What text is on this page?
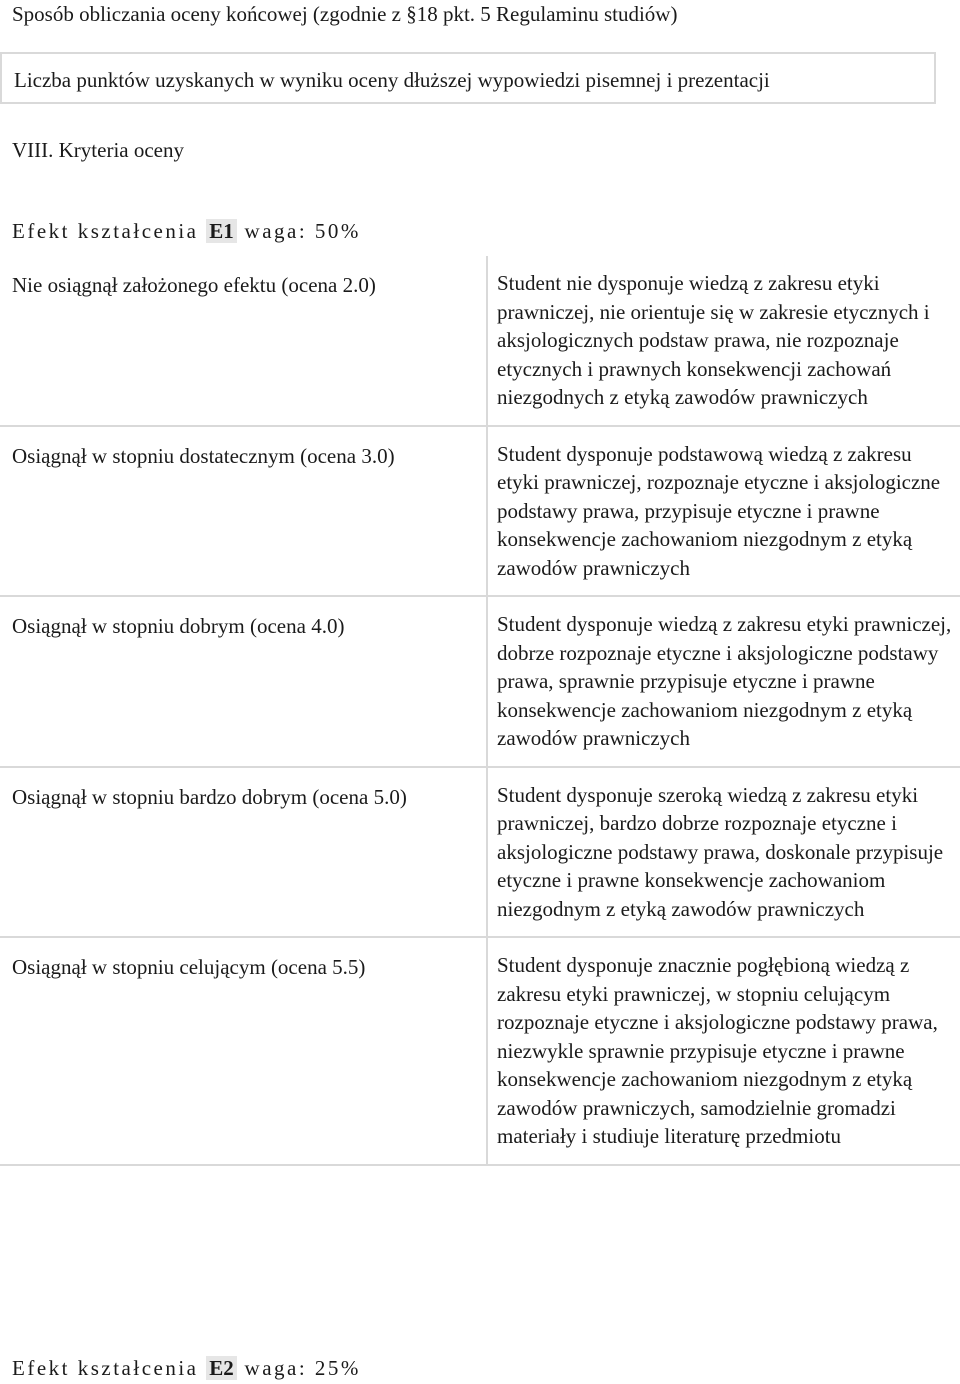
Sposób obliczania oceny końcowej (zgodnie z §18 pkt. 5 Regulaminu studiów)
Liczba punktów uzyskanych w wyniku oceny dłuższej wypowiedzi pisemnej i prezentacji
VIII. Kryteria oceny
Efekt kształcenia E1 waga: 50%
Nie osiągnął założonego efektu (ocena 2.0)	Student nie dysponuje wiedzą z zakresu etyki prawniczej, nie orientuje się w zakresie etycznych i aksjologicznych podstaw prawa, nie rozpoznaje etycznych i prawnych konsekwencji zachowań niezgodnych z etyką zawodów prawniczych
Osiągnął w stopniu dostatecznym (ocena 3.0)	Student dysponuje podstawową wiedzą z zakresu etyki prawniczej, rozpoznaje etyczne i aksjologiczne podstawy prawa, przypisuje etyczne i prawne konsekwencje zachowaniom niezgodnym z etyką zawodów prawniczych
Osiągnął w stopniu dobrym (ocena 4.0)	Student dysponuje wiedzą z zakresu etyki prawniczej, dobrze rozpoznaje etyczne i aksjologiczne podstawy prawa, sprawnie przypisuje etyczne i prawne konsekwencje zachowaniom niezgodnym z etyką zawodów prawniczych
Osiągnął w stopniu bardzo dobrym (ocena 5.0)	Student dysponuje szeroką wiedzą z zakresu etyki prawniczej, bardzo dobrze rozpoznaje etyczne i aksjologiczne podstawy prawa, doskonale przypisuje etyczne i prawne konsekwencje zachowaniom niezgodnym z etyką zawodów prawniczych
Osiągnął w stopniu celującym (ocena 5.5)	Student dysponuje znacznie pogłębioną wiedzą z zakresu etyki prawniczej, w stopniu celującym rozpoznaje etyczne i aksjologiczne podstawy prawa, niezwykle sprawnie przypisuje etyczne i prawne konsekwencje zachowaniom niezgodnym z etyką zawodów prawniczych, samodzielnie gromadzi materiały i studiuje literaturę przedmiotu
Efekt kształcenia E2 waga: 25%
